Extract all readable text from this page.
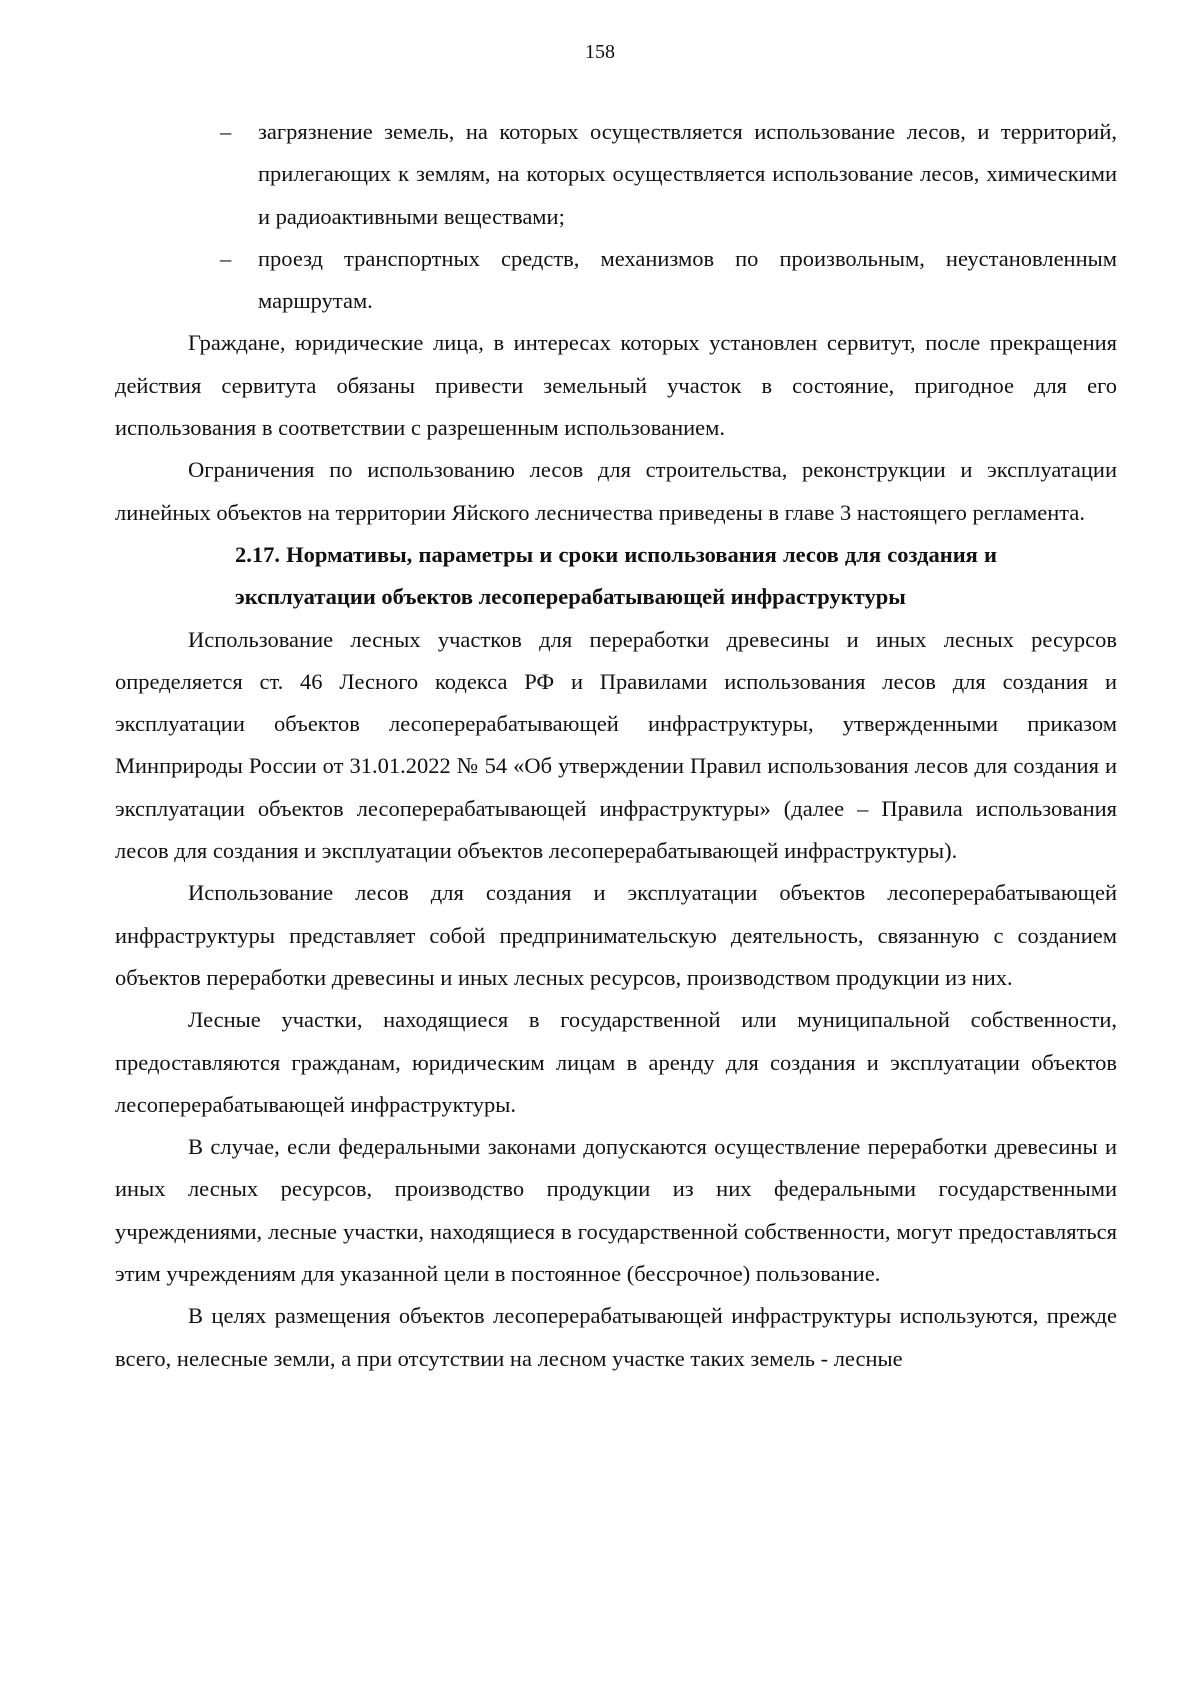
158

– загрязнение земель, на которых осуществляется использование лесов, и территорий, прилегающих к землям, на которых осуществляется использование лесов, химическими и радиоактивными веществами;

– проезд транспортных средств, механизмов по произвольным, неустановленным маршрутам.

Граждане, юридические лица, в интересах которых установлен сервитут, после прекращения действия сервитута обязаны привести земельный участок в состояние, пригодное для его использования в соответствии с разрешенным использованием.

Ограничения по использованию лесов для строительства, реконструкции и эксплуатации линейных объектов на территории Яйского лесничества приведены в главе 3 настоящего регламента.

2.17. Нормативы, параметры и сроки использования лесов для создания и эксплуатации объектов лесоперерабатывающей инфраструктуры

Использование лесных участков для переработки древесины и иных лесных ресурсов определяется ст. 46 Лесного кодекса РФ и Правилами использования лесов для создания и эксплуатации объектов лесоперерабатывающей инфраструктуры, утвержденными приказом Минприроды России от 31.01.2022 № 54 «Об утверждении Правил использования лесов для создания и эксплуатации объектов лесоперерабатывающей инфраструктуры» (далее – Правила использования лесов для создания и эксплуатации объектов лесоперерабатывающей инфраструктуры).

Использование лесов для создания и эксплуатации объектов лесоперерабатывающей инфраструктуры представляет собой предпринимательскую деятельность, связанную с созданием объектов переработки древесины и иных лесных ресурсов, производством продукции из них.

Лесные участки, находящиеся в государственной или муниципальной собственности, предоставляются гражданам, юридическим лицам в аренду для создания и эксплуатации объектов лесоперерабатывающей инфраструктуры.

В случае, если федеральными законами допускаются осуществление переработки древесины и иных лесных ресурсов, производство продукции из них федеральными государственными учреждениями, лесные участки, находящиеся в государственной собственности, могут предоставляться этим учреждениям для указанной цели в постоянное (бессрочное) пользование.

В целях размещения объектов лесоперерабатывающей инфраструктуры используются, прежде всего, нелесные земли, а при отсутствии на лесном участке таких земель - лесные
